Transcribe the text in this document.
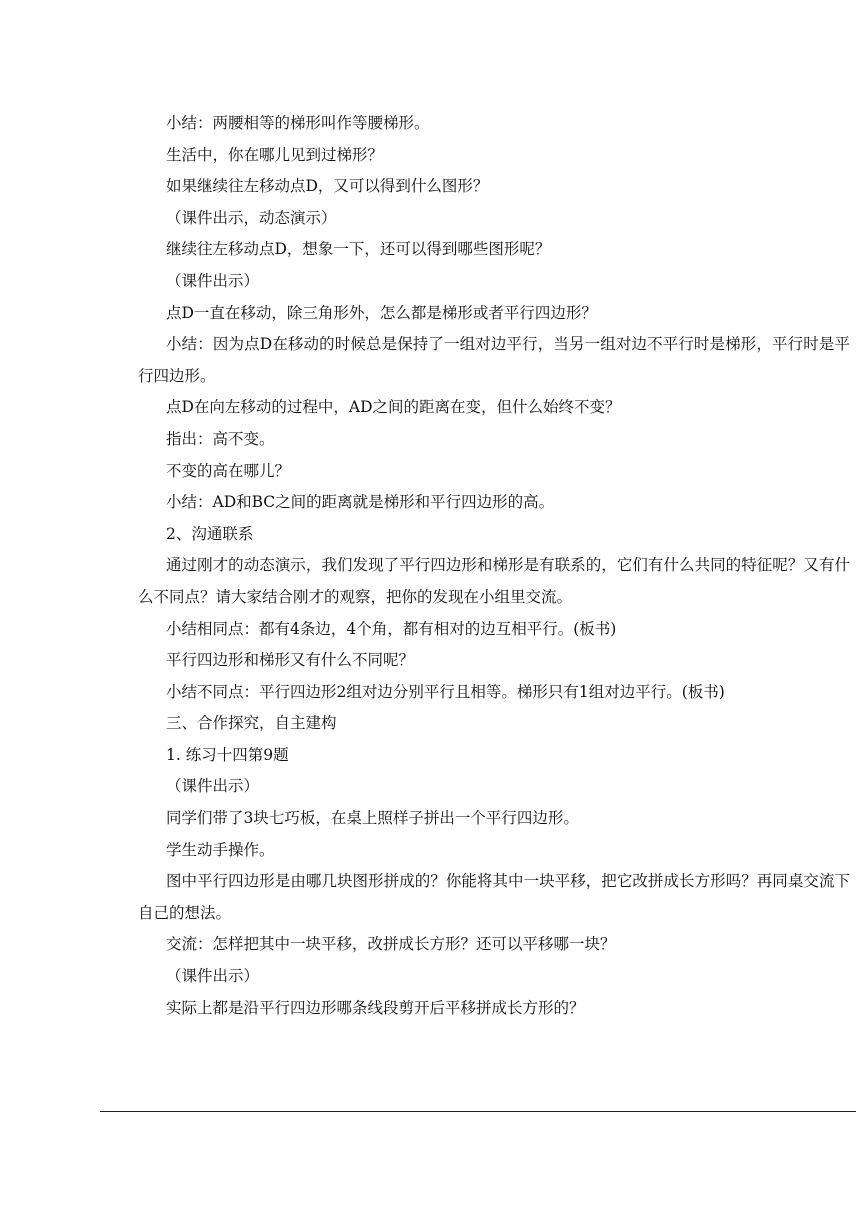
小结：两腰相等的梯形叫作等腰梯形。

生活中，你在哪儿见到过梯形？

如果继续往左移动点D，又可以得到什么图形？

（课件出示，动态演示）

继续往左移动点D，想象一下，还可以得到哪些图形呢？

（课件出示）

点D一直在移动，除三角形外，怎么都是梯形或者平行四边形？

小结：因为点D在移动的时候总是保持了一组对边平行，当另一组对边不平行时是梯形，平行时是平行四边形。

点D在向左移动的过程中，AD之间的距离在变，但什么始终不变？

指出：高不变。

不变的高在哪儿？

小结：AD和BC之间的距离就是梯形和平行四边形的高。

2、沟通联系

通过刚才的动态演示，我们发现了平行四边形和梯形是有联系的，它们有什么共同的特征呢？又有什么不同点？请大家结合刚才的观察，把你的发现在小组里交流。

小结相同点：都有4条边，4个角，都有相对的边互相平行。(板书)

平行四边形和梯形又有什么不同呢？

小结不同点：平行四边形2组对边分别平行且相等。梯形只有1组对边平行。(板书)

三、合作探究，自主建构

1. 练习十四第9题

（课件出示）

同学们带了3块七巧板，在桌上照样子拼出一个平行四边形。

学生动手操作。

图中平行四边形是由哪几块图形拼成的？你能将其中一块平移，把它改拼成长方形吗？再同桌交流下自己的想法。

交流：怎样把其中一块平移，改拼成长方形？还可以平移哪一块？

（课件出示）

实际上都是沿平行四边形哪条线段剪开后平移拼成长方形的？
